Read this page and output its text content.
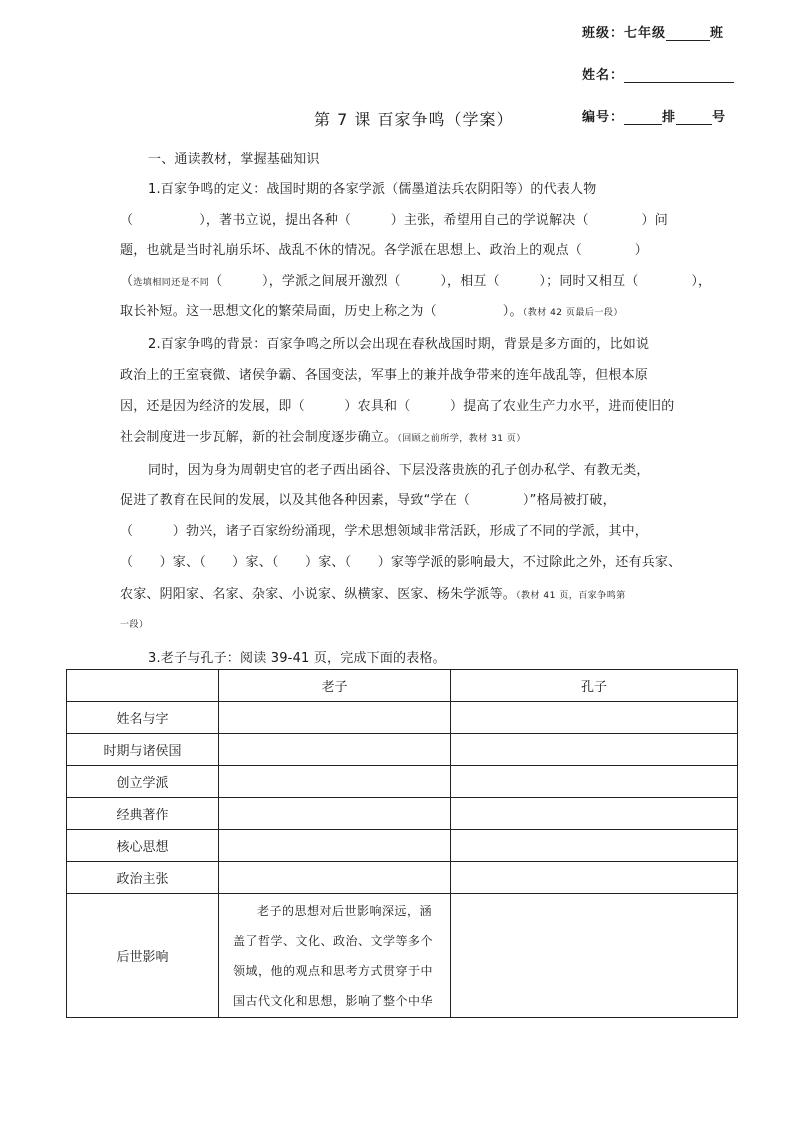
班级：七年级	班
姓名：
编号：	排	号
第 7 课 百家争鸣（学案）
一、通读教材，掌握基础知识
1.百家争鸣的定义：战国时期的各家学派（儒墨道法兵农阴阳等）的代表人物
（　　　　　），著书立说，提出各种（　　　）主张，希望用自己的学说解决（　　　　）问
题，也就是当时礼崩乐坏、战乱不休的情况。各学派在思想上、政治上的观点（　　　　）
（选填相同还是不同（　　　），学派之间展开激烈（　　　），相互（　　　）；同时又相互（　　　　），
取长补短。这一思想文化的繁荣局面，历史上称之为（　　　　　）。（教材 42 页最后一段）
2.百家争鸣的背景：百家争鸣之所以会出现在春秋战国时期，背景是多方面的，比如说
政治上的王室衰微、诸侯争霸、各国变法，军事上的兼并战争带来的连年战乱等，但根本原
因，还是因为经济的发展，即（　　　）农具和（　　　）提高了农业生产力水平，进而使旧的
社会制度进一步瓦解，新的社会制度逐步确立。（回顾之前所学，教材 31 页）
同时，因为身为周朝史官的老子西出函谷、下层没落贵族的孔子创办私学、有教无类，
促进了教育在民间的发展，以及其他各种因素，导致“学在（　　　　）”格局被打破，
（　　　）勃兴，诸子百家纷纷涌现，学术思想领域非常活跃，形成了不同的学派，其中，
（　　）家、（　　）家、（　　）家、（　　）家等学派的影响最大，不过除此之外，还有兵家、
农家、阴阳家、名家、杂家、小说家、纵横家、医家、杨朱学派等。（教材 41 页，百家争鸣第
一段）
3.老子与孔子：阅读 39-41 页，完成下面的表格。
	老子	孔子
姓名与字		
时期与诸侯国		
创立学派		
经典著作		
核心思想		
政治主张		
后世影响	老子的思想对后世影响深远，涵盖了哲学、文化、政治、文学等多个领域，他的观点和思考方式贯穿于中国古代文化和思想，影响了整个中华	
